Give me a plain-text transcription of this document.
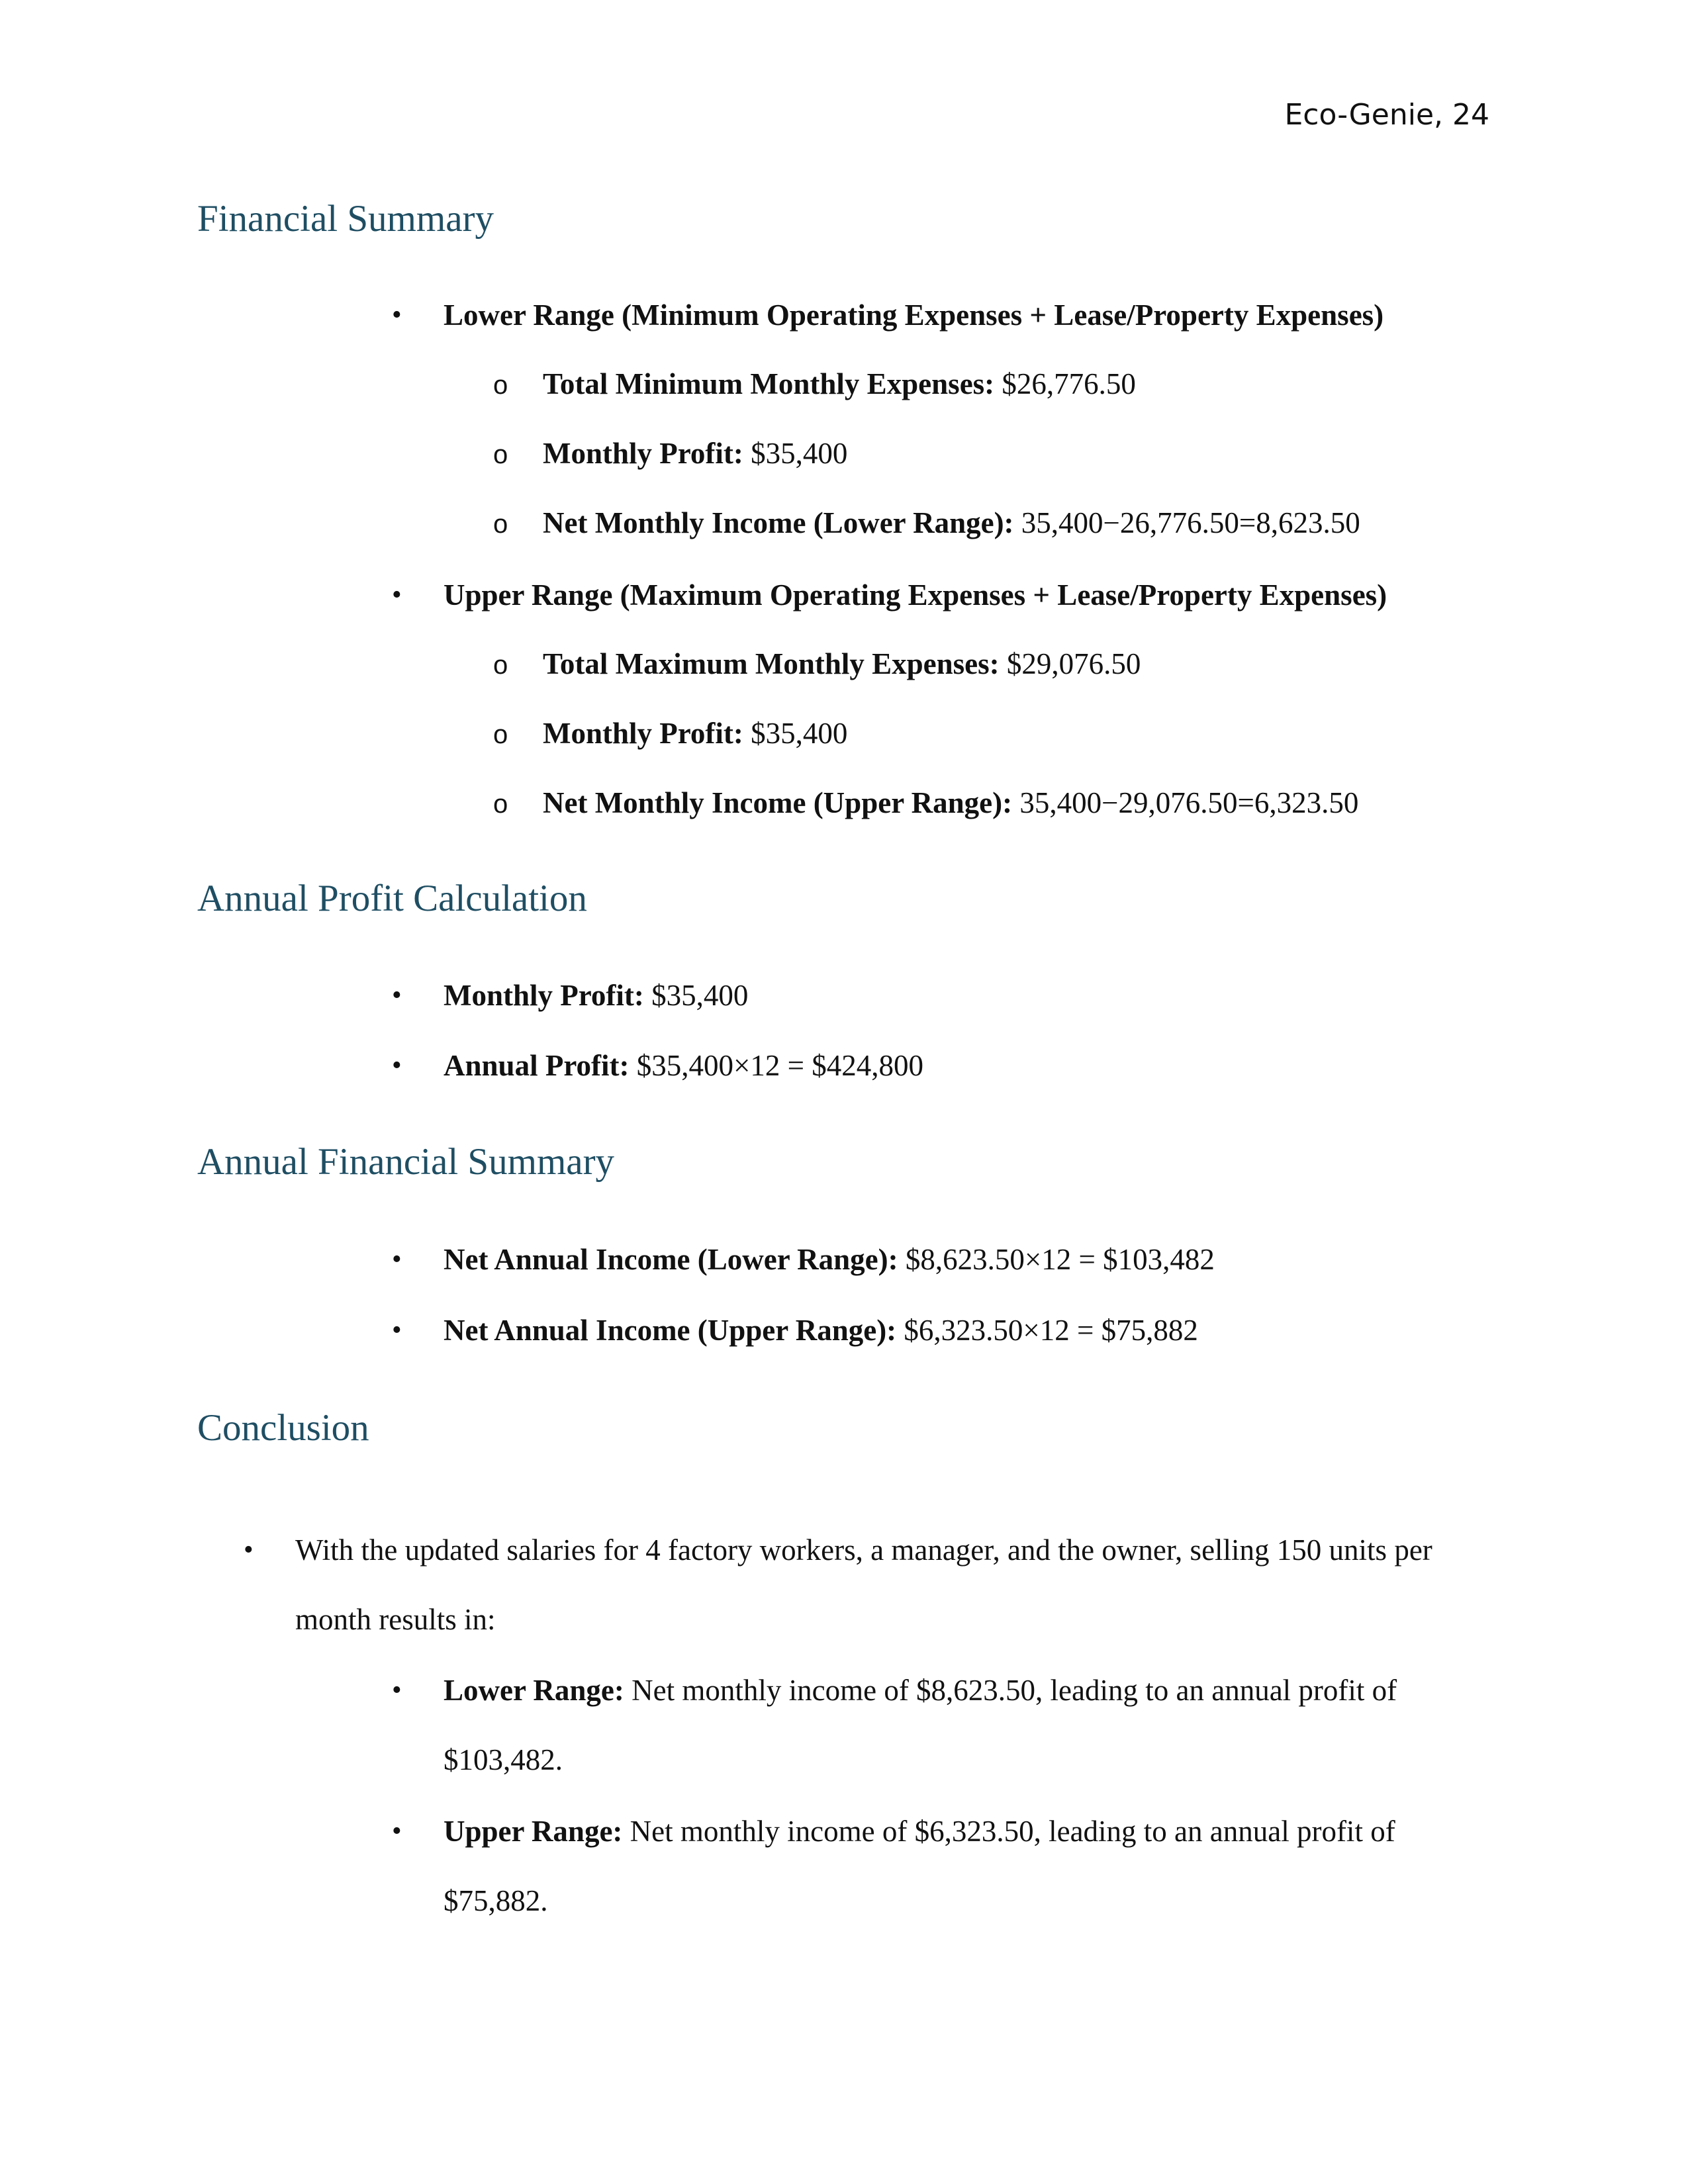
Eco-Genie, 24
Financial Summary
• Lower Range (Minimum Operating Expenses + Lease/Property Expenses)
o Total Minimum Monthly Expenses: $26,776.50
o Monthly Profit: $35,400
o Net Monthly Income (Lower Range): 35,400−26,776.50=8,623.50
• Upper Range (Maximum Operating Expenses + Lease/Property Expenses)
o Total Maximum Monthly Expenses: $29,076.50
o Monthly Profit: $35,400
o Net Monthly Income (Upper Range): 35,400−29,076.50=6,323.50
Annual Profit Calculation
• Monthly Profit: $35,400
• Annual Profit: $35,400×12 = $424,800
Annual Financial Summary
• Net Annual Income (Lower Range): $8,623.50×12 = $103,482
• Net Annual Income (Upper Range): $6,323.50×12 = $75,882
Conclusion
• With the updated salaries for 4 factory workers, a manager, and the owner, selling 150 units per
month results in:
• Lower Range: Net monthly income of $8,623.50, leading to an annual profit of
$103,482.
• Upper Range: Net monthly income of $6,323.50, leading to an annual profit of
$75,882.
